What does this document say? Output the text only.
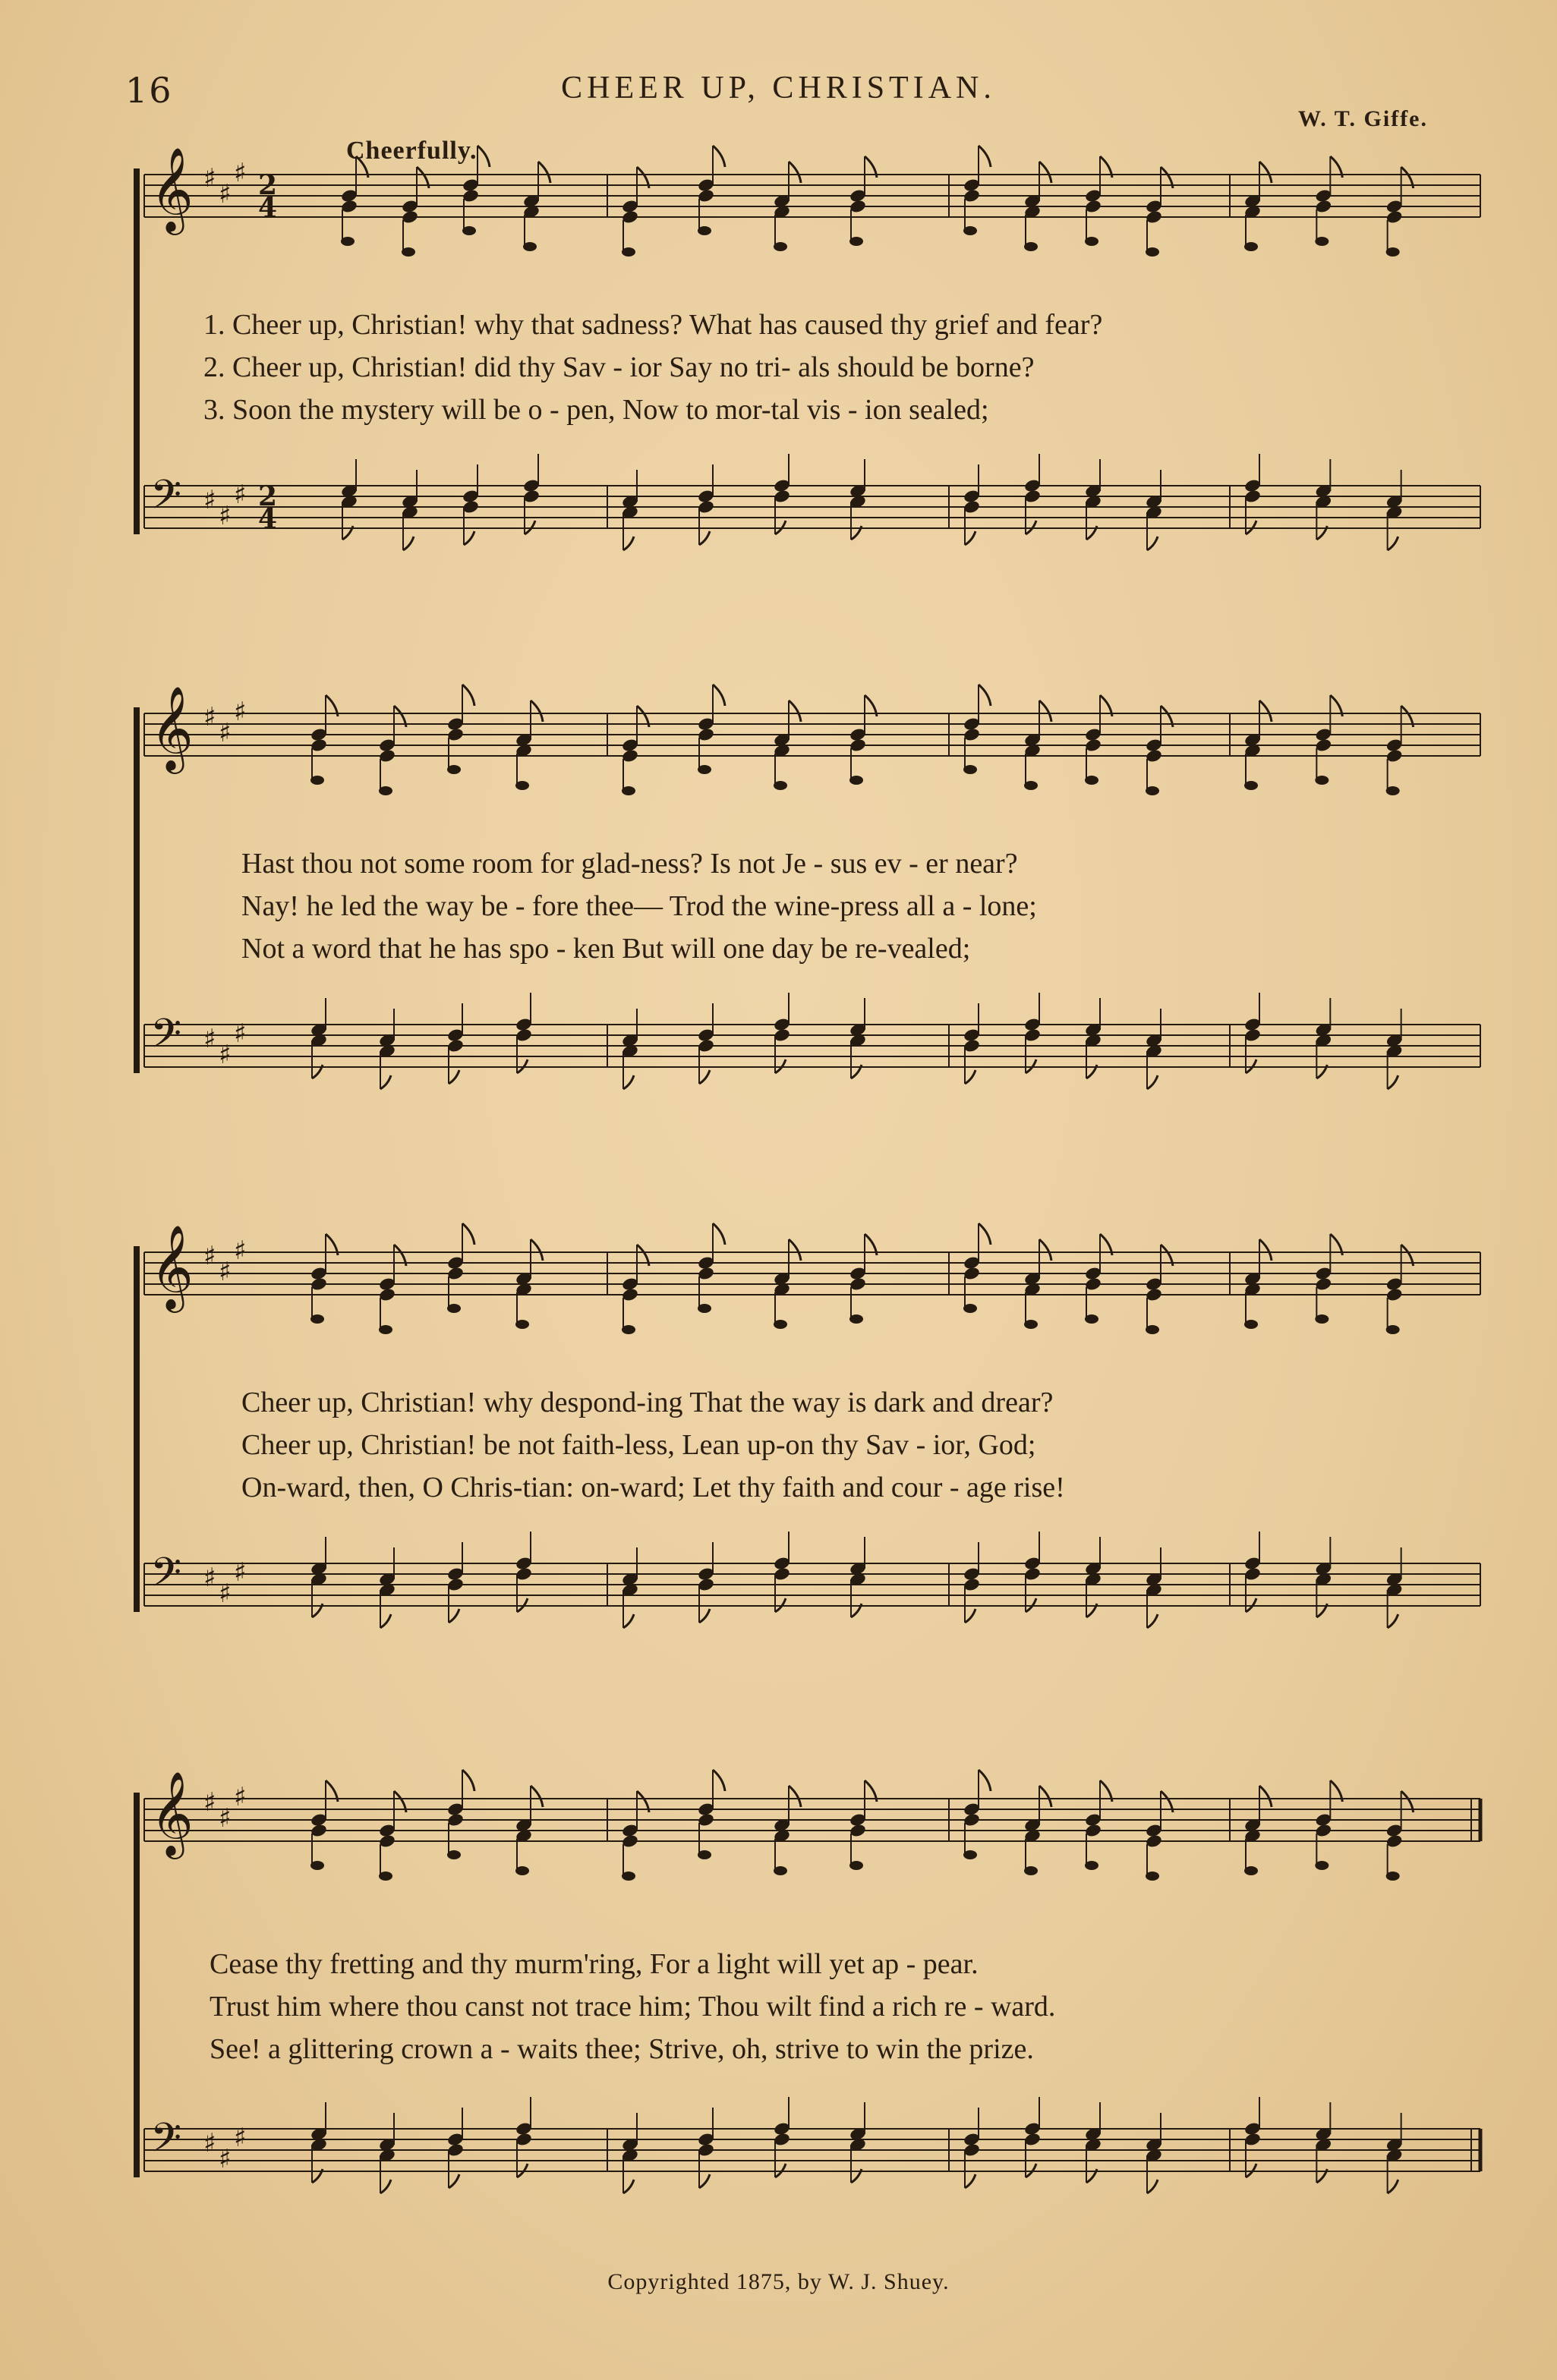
16	CHEER UP, CHRISTIAN.
W. T. Giffe.
Cheerfully.
𝄞 ♯
♯
♯ 2
4
𝄢 ♯
♯
♯ 2
4
1. Cheer up, Christian! why that sadness? What has caused thy grief and fear?
2. Cheer up, Christian! did thy Sav - ior Say no tri- als should be borne?
3. Soon the mystery will be o - pen, Now to mor-tal vis - ion sealed;
𝄞 ♯
♯
♯
𝄢 ♯
♯
♯
Hast thou not some room for glad-ness? Is not Je - sus ev - er near?
Nay! he led the way be - fore thee— Trod the wine-press all a - lone;
Not a word that he has spo - ken But will one day be re-vealed;
𝄞 ♯
♯
♯
𝄢 ♯
♯
♯
Cheer up, Christian! why despond-ing That the way is dark and drear?
Cheer up, Christian! be not faith-less, Lean up-on thy Sav - ior, God;
On-ward, then, O Chris-tian: on-ward; Let thy faith and cour - age rise!
𝄞 ♯
♯
♯
𝄢 ♯
♯
♯
Cease thy fretting and thy murm'ring, For a light will yet ap - pear.
Trust him where thou canst not trace him; Thou wilt find a rich re - ward.
See! a glittering crown a - waits thee; Strive, oh, strive to win the prize.
Copyrighted 1875, by W. J. Shuey.
